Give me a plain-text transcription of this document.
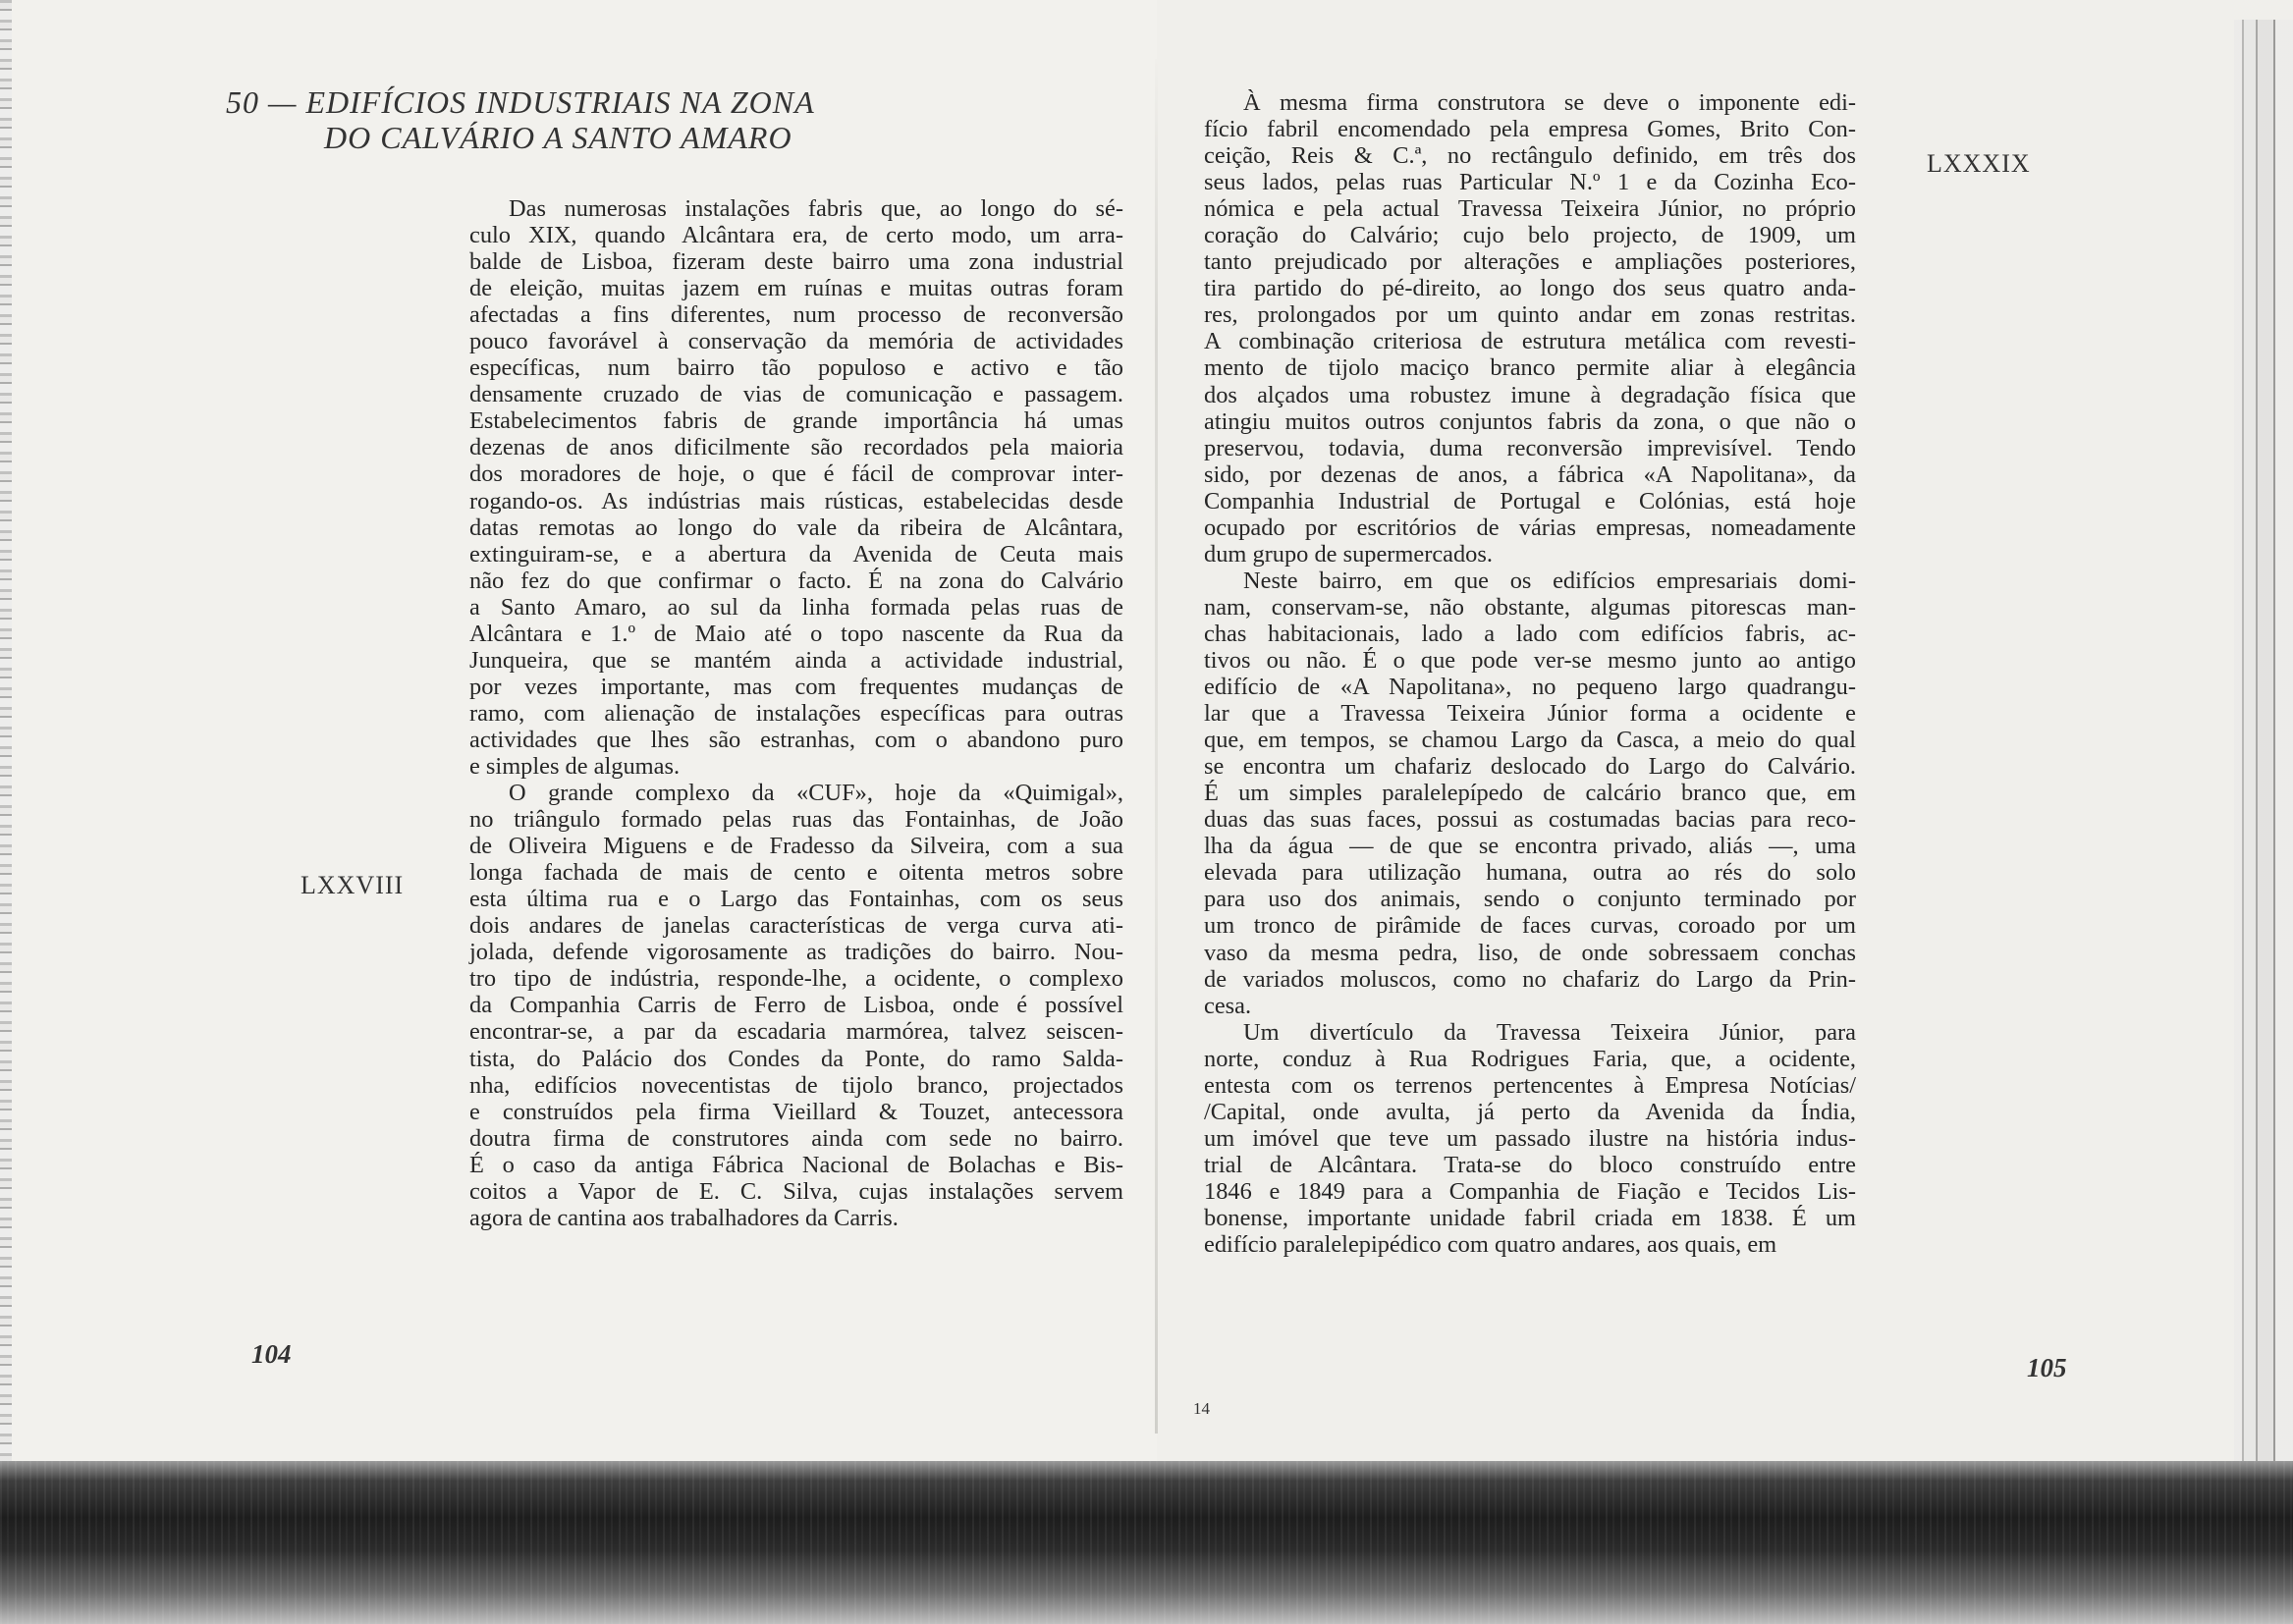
50 — EDIFÍCIOS INDUSTRIAIS NA ZONA
DO CALVÁRIO A SANTO AMARO
Das numerosas instalações fabris que, ao longo do sé-
culo XIX, quando Alcântara era, de certo modo, um arra-
balde de Lisboa, fizeram deste bairro uma zona industrial
de eleição, muitas jazem em ruínas e muitas outras foram
afectadas a fins diferentes, num processo de reconversão
pouco favorável à conservação da memória de actividades
específicas, num bairro tão populoso e activo e tão
densamente cruzado de vias de comunicação e passagem.
Estabelecimentos fabris de grande importância há umas
dezenas de anos dificilmente são recordados pela maioria
dos moradores de hoje, o que é fácil de comprovar inter-
rogando-os. As indústrias mais rústicas, estabelecidas desde
datas remotas ao longo do vale da ribeira de Alcântara,
extinguiram-se, e a abertura da Avenida de Ceuta mais
não fez do que confirmar o facto. É na zona do Calvário
a Santo Amaro, ao sul da linha formada pelas ruas de
Alcântara e 1.º de Maio até o topo nascente da Rua da
Junqueira, que se mantém ainda a actividade industrial,
por vezes importante, mas com frequentes mudanças de
ramo, com alienação de instalações específicas para outras
actividades que lhes são estranhas, com o abandono puro
e simples de algumas.
O grande complexo da «CUF», hoje da «Quimigal»,
no triângulo formado pelas ruas das Fontainhas, de João
de Oliveira Miguens e de Fradesso da Silveira, com a sua
longa fachada de mais de cento e oitenta metros sobre
esta última rua e o Largo das Fontainhas, com os seus
dois andares de janelas características de verga curva ati-
jolada, defende vigorosamente as tradições do bairro. Nou-
tro tipo de indústria, responde-lhe, a ocidente, o complexo
da Companhia Carris de Ferro de Lisboa, onde é possível
encontrar-se, a par da escadaria marmórea, talvez seiscen-
tista, do Palácio dos Condes da Ponte, do ramo Salda-
nha, edifícios novecentistas de tijolo branco, projectados
e construídos pela firma Vieillard & Touzet, antecessora
doutra firma de construtores ainda com sede no bairro.
É o caso da antiga Fábrica Nacional de Bolachas e Bis-
coitos a Vapor de E. C. Silva, cujas instalações servem
agora de cantina aos trabalhadores da Carris.
À mesma firma construtora se deve o imponente edi-
fício fabril encomendado pela empresa Gomes, Brito Con-
ceição, Reis & C.ª, no rectângulo definido, em três dos
seus lados, pelas ruas Particular N.º 1 e da Cozinha Eco-
nómica e pela actual Travessa Teixeira Júnior, no próprio
coração do Calvário; cujo belo projecto, de 1909, um
tanto prejudicado por alterações e ampliações posteriores,
tira partido do pé-direito, ao longo dos seus quatro anda-
res, prolongados por um quinto andar em zonas restritas.
A combinação criteriosa de estrutura metálica com revesti-
mento de tijolo maciço branco permite aliar à elegância
dos alçados uma robustez imune à degradação física que
atingiu muitos outros conjuntos fabris da zona, o que não o
preservou, todavia, duma reconversão imprevisível. Tendo
sido, por dezenas de anos, a fábrica «A Napolitana», da
Companhia Industrial de Portugal e Colónias, está hoje
ocupado por escritórios de várias empresas, nomeadamente
dum grupo de supermercados.
Neste bairro, em que os edifícios empresariais domi-
nam, conservam-se, não obstante, algumas pitorescas man-
chas habitacionais, lado a lado com edifícios fabris, ac-
tivos ou não. É o que pode ver-se mesmo junto ao antigo
edifício de «A Napolitana», no pequeno largo quadrangu-
lar que a Travessa Teixeira Júnior forma a ocidente e
que, em tempos, se chamou Largo da Casca, a meio do qual
se encontra um chafariz deslocado do Largo do Calvário.
É um simples paralelepípedo de calcário branco que, em
duas das suas faces, possui as costumadas bacias para reco-
lha da água — de que se encontra privado, aliás —, uma
elevada para utilização humana, outra ao rés do solo
para uso dos animais, sendo o conjunto terminado por
um tronco de pirâmide de faces curvas, coroado por um
vaso da mesma pedra, liso, de onde sobressaem conchas
de variados moluscos, como no chafariz do Largo da Prin-
cesa.
Um divertículo da Travessa Teixeira Júnior, para
norte, conduz à Rua Rodrigues Faria, que, a ocidente,
entesta com os terrenos pertencentes à Empresa Notícias/
/Capital, onde avulta, já perto da Avenida da Índia,
um imóvel que teve um passado ilustre na história indus-
trial de Alcântara. Trata-se do bloco construído entre
1846 e 1849 para a Companhia de Fiação e Tecidos Lis-
bonense, importante unidade fabril criada em 1838. É um
edifício paralelepipédico com quatro andares, aos quais, em

LXXVIII

LXXXIX

104	105

14
